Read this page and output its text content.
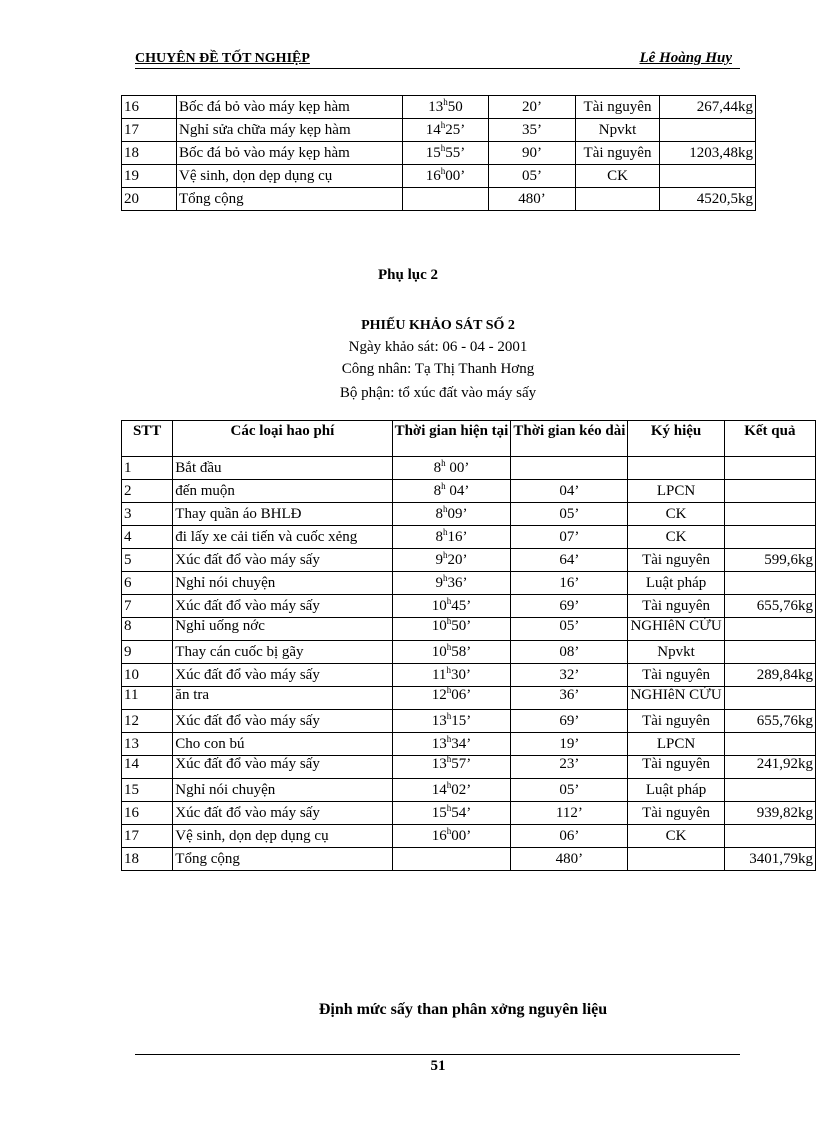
CHUYÊN ĐỀ TỐT NGHIỆP	Lê Hoàng Huy
16	Bốc đá bỏ vào máy kẹp hàm	13$^h$50	20’	Tài nguyên	267,44kg
17	Nghỉ sửa chữa máy kẹp hàm	14$^h$25’	35’	Npvkt	
18	Bốc đá bỏ vào máy kẹp hàm	15$^h$55’	90’	Tài nguyên	1203,48kg
19	Vệ sinh, dọn dẹp dụng cụ	16$^h$00’	05’	CK	
20	Tổng cộng		480’		4520,5kg
Phụ lục 2
PHIẾU KHẢO SÁT SỐ 2
Ngày khảo sát: 06 - 04 - 2001
Công nhân: Tạ Thị Thanh Hơng
Bộ phận: tổ xúc đất vào máy sấy
STT	Các loại hao phí	Thời gian hiện tại	Thời gian kéo dài	Ký hiệu	Kết quả
1	Bắt đầu	8$^h$ 00’			
2	đến muộn	8$^h$ 04’	04’	LPCN	
3	Thay quần áo BHLĐ	8$^h$09’	05’	CK	
4	đi lấy xe cải tiến và cuốc xẻng	8$^h$16’	07’	CK	
5	Xúc đất đổ vào máy sấy	9$^h$20’	64’	Tài nguyên	599,6kg
6	Nghỉ nói chuyện	9$^h$36’	16’	Luật pháp	
7	Xúc đất đổ vào máy sấy	10$^h$45’	69’	Tài nguyên	655,76kg
8	Nghỉ uống nớc	10$^h$50’	05’	NGHIêN CỨU	
9	Thay cán cuốc bị gãy	10$^h$58’	08’	Npvkt	
10	Xúc đất đổ vào máy sấy	11$^h$30’	32’	Tài nguyên	289,84kg
11	ăn tra	12$^h$06’	36’	NGHIêN CỨU	
12	Xúc đất đổ vào máy sấy	13$^h$15’	69’	Tài nguyên	655,76kg
13	Cho con bú	13$^h$34’	19’	LPCN	
14	Xúc đất đổ vào máy sấy	13$^h$57’	23’	Tài nguyên	241,92kg
15	Nghỉ nói chuyện	14$^h$02’	05’	Luật pháp	
16	Xúc đất đổ vào máy sấy	15$^h$54’	112’	Tài nguyên	939,82kg
17	Vệ sinh, dọn dẹp dụng cụ	16$^h$00’	06’	CK	
18	Tổng cộng		480’		3401,79kg
Định mức sấy than phân xởng nguyên liệu
51
